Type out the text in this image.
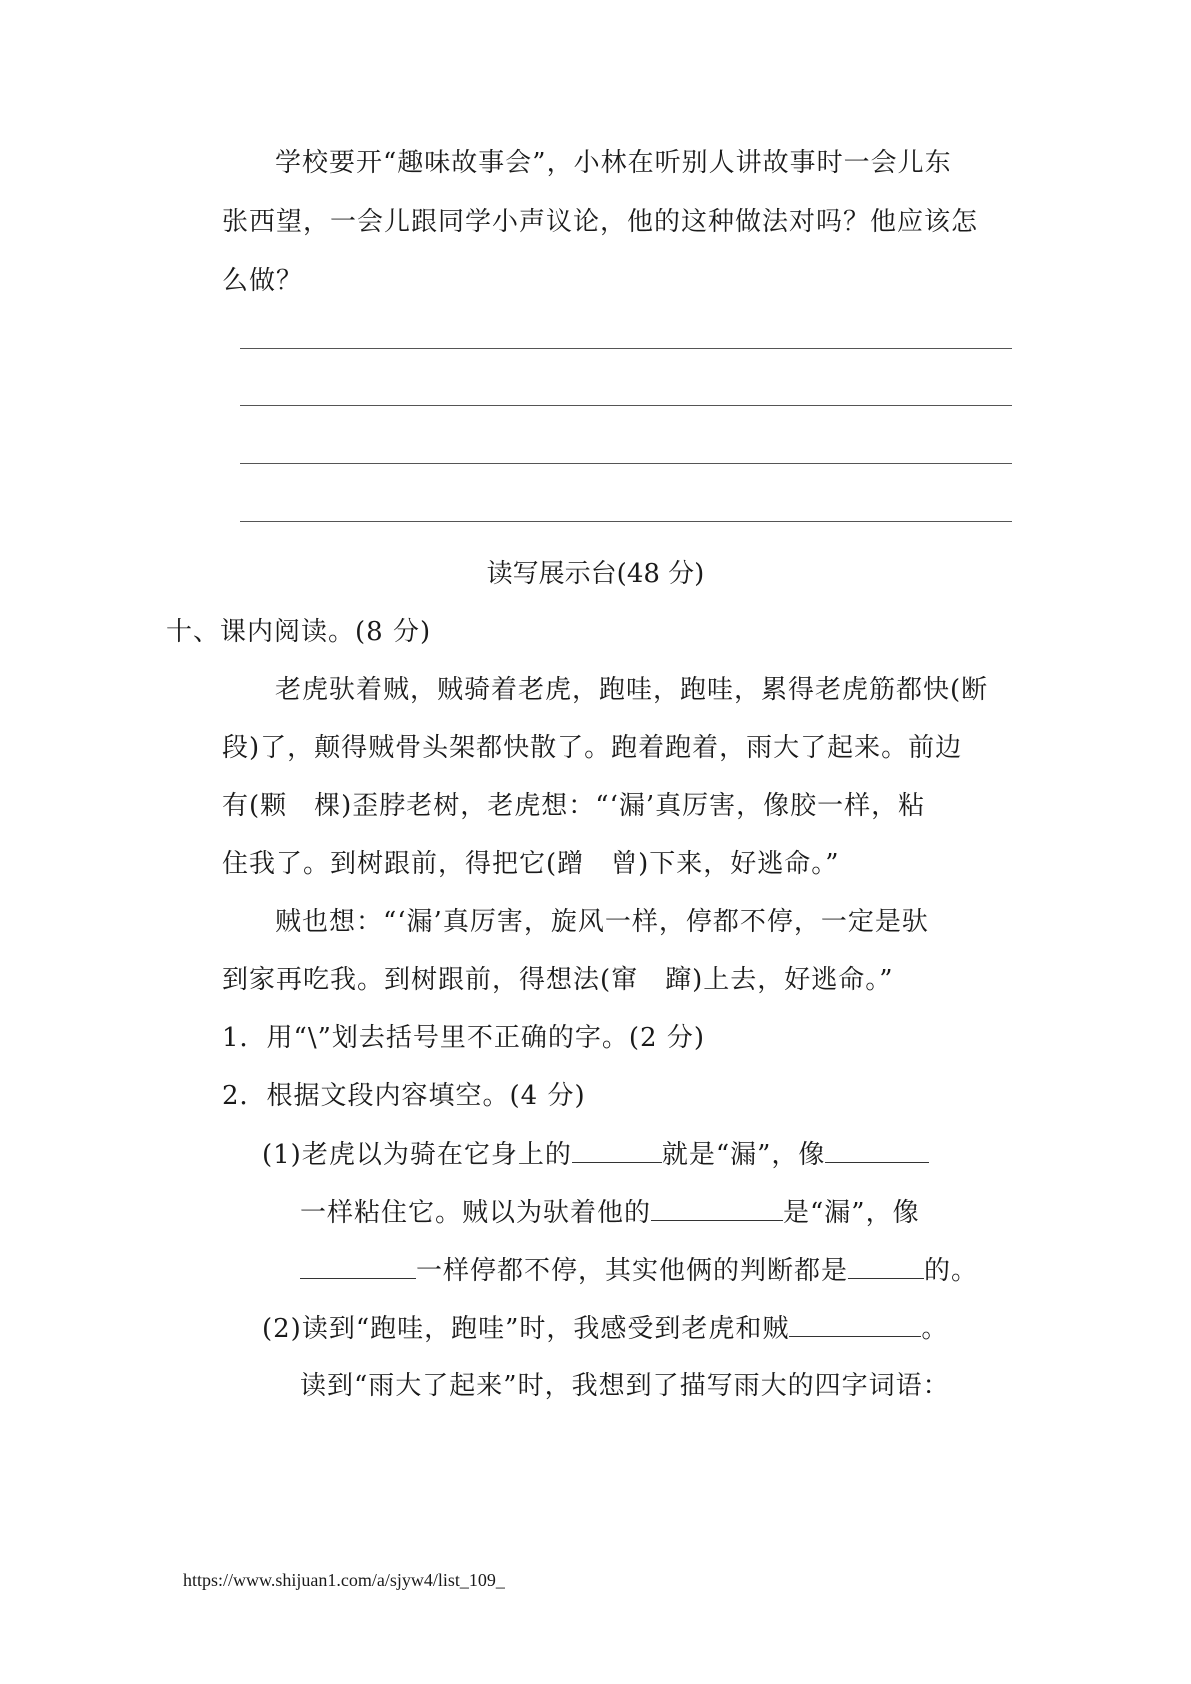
学校要开“趣味故事会”，小林在听别人讲故事时一会儿东
张西望，一会儿跟同学小声议论，他的这种做法对吗？他应该怎
么做？
读写展示台(48 分)
十、课内阅读。(8 分)
老虎驮着贼，贼骑着老虎，跑哇，跑哇，累得老虎筋都快(断
段)了，颠得贼骨头架都快散了。跑着跑着，雨大了起来。前边
有(颗　棵)歪脖老树，老虎想：“‘漏’真厉害，像胶一样，粘
住我了。到树跟前，得把它(蹭　曾)下来，好逃命。”
贼也想：“‘漏’真厉害，旋风一样，停都不停，一定是驮
到家再吃我。到树跟前，得想法(窜　蹿)上去，好逃命。”
1．用“\”划去括号里不正确的字。(2 分)
2．根据文段内容填空。(4 分)
(1)老虎以为骑在它身上的	就是“漏”，像
一样粘住它。贼以为驮着他的	是“漏”，像
一样停都不停，其实他俩的判断都是	的。
(2)读到“跑哇，跑哇”时，我感受到老虎和贼	。
读到“雨大了起来”时，我想到了描写雨大的四字词语：
https://www.shijuan1.com/a/sjyw4/list_109_
